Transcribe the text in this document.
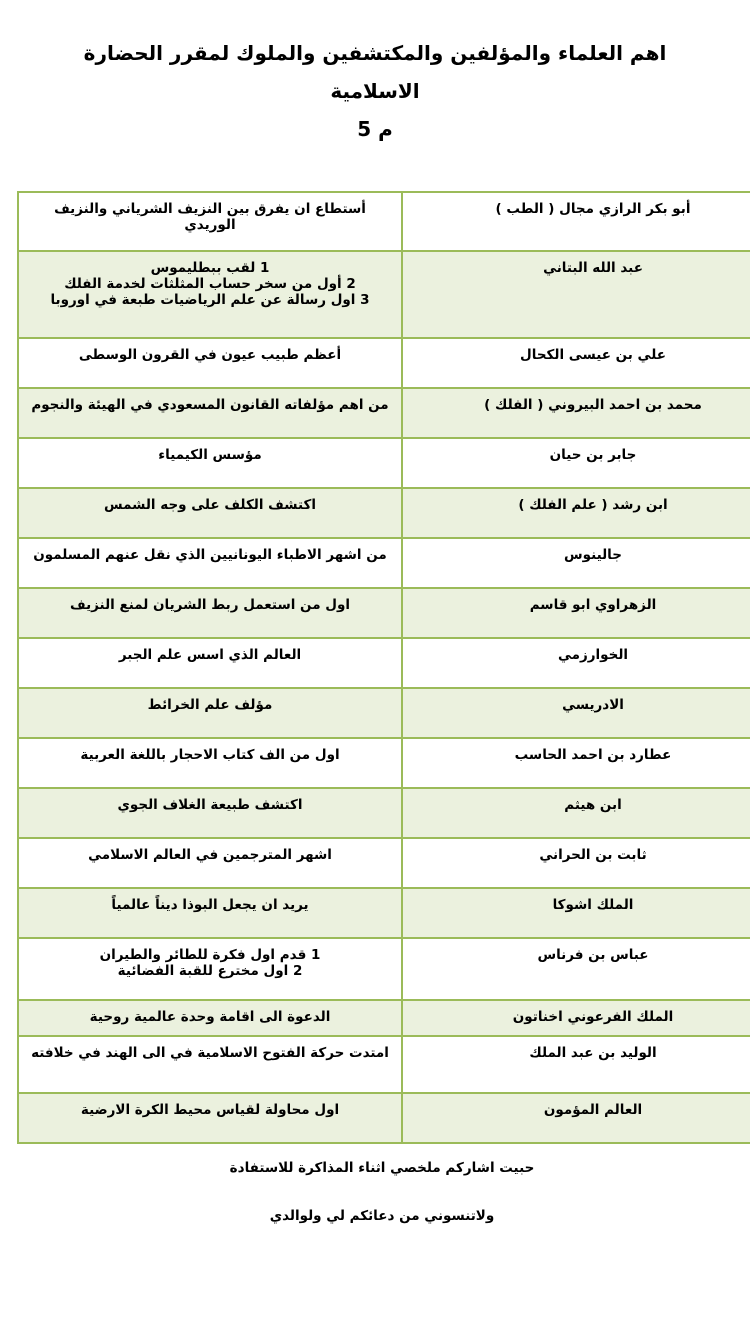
اهم العلماء والمؤلفين والمكتشفين والملوك لمقرر الحضارة الاسلامية
م 5
أبو بكر الرازي مجال ( الطب )	أستطاع ان يفرق بين النزيف الشرياني والنزيف الوريدي

عبد الله البتاني	1 لقب ببطليموس
2 أول من سخر حساب المثلثات لخدمة الفلك
3 اول رسالة عن علم الرياضيات طبعة في اوروبا

علي بن عيسى الكحال	أعظم طبيب عيون في القرون الوسطى

محمد بن احمد البيروني ( الفلك )	من اهم مؤلفاته القانون المسعودي في الهيئة والنجوم

جابر بن حيان	مؤسس الكيمياء

ابن رشد ( علم الفلك )	اكتشف الكلف على وجه الشمس

جالينوس	من اشهر الاطباء اليونانيين الذي نقل عنهم المسلمون

الزهراوي ابو قاسم	اول من استعمل ربط الشريان لمنع النزيف

الخوارزمي	العالم الذي اسس علم الجبر

الادريسي	مؤلف علم الخرائط

عطارد بن احمد الحاسب	اول من الف كتاب الاحجار باللغة العربية

ابن هيثم	اكتشف طبيعة الغلاف الجوي

ثابت بن الحراني	اشهر المترجمين في العالم الاسلامي

الملك اشوكا	يريد ان يجعل البوذا ديناً عالمياً

عباس بن فرناس	1 قدم اول فكرة للطائر والطيران
2 اول مخترع للقبة الفضائية

الملك الفرعوني اخناتون	الدعوة الى اقامة وحدة عالمية روحية

الوليد بن عبد الملك	امتدت حركة الفتوح الاسلامية في الى الهند في خلافته

العالم المؤمون	اول محاولة لقياس محيط الكرة الارضية
حبيت اشاركم ملخصي اثناء المذاكرة للاستفادة
ولاتنسوني من دعائكم لي ولوالدي
